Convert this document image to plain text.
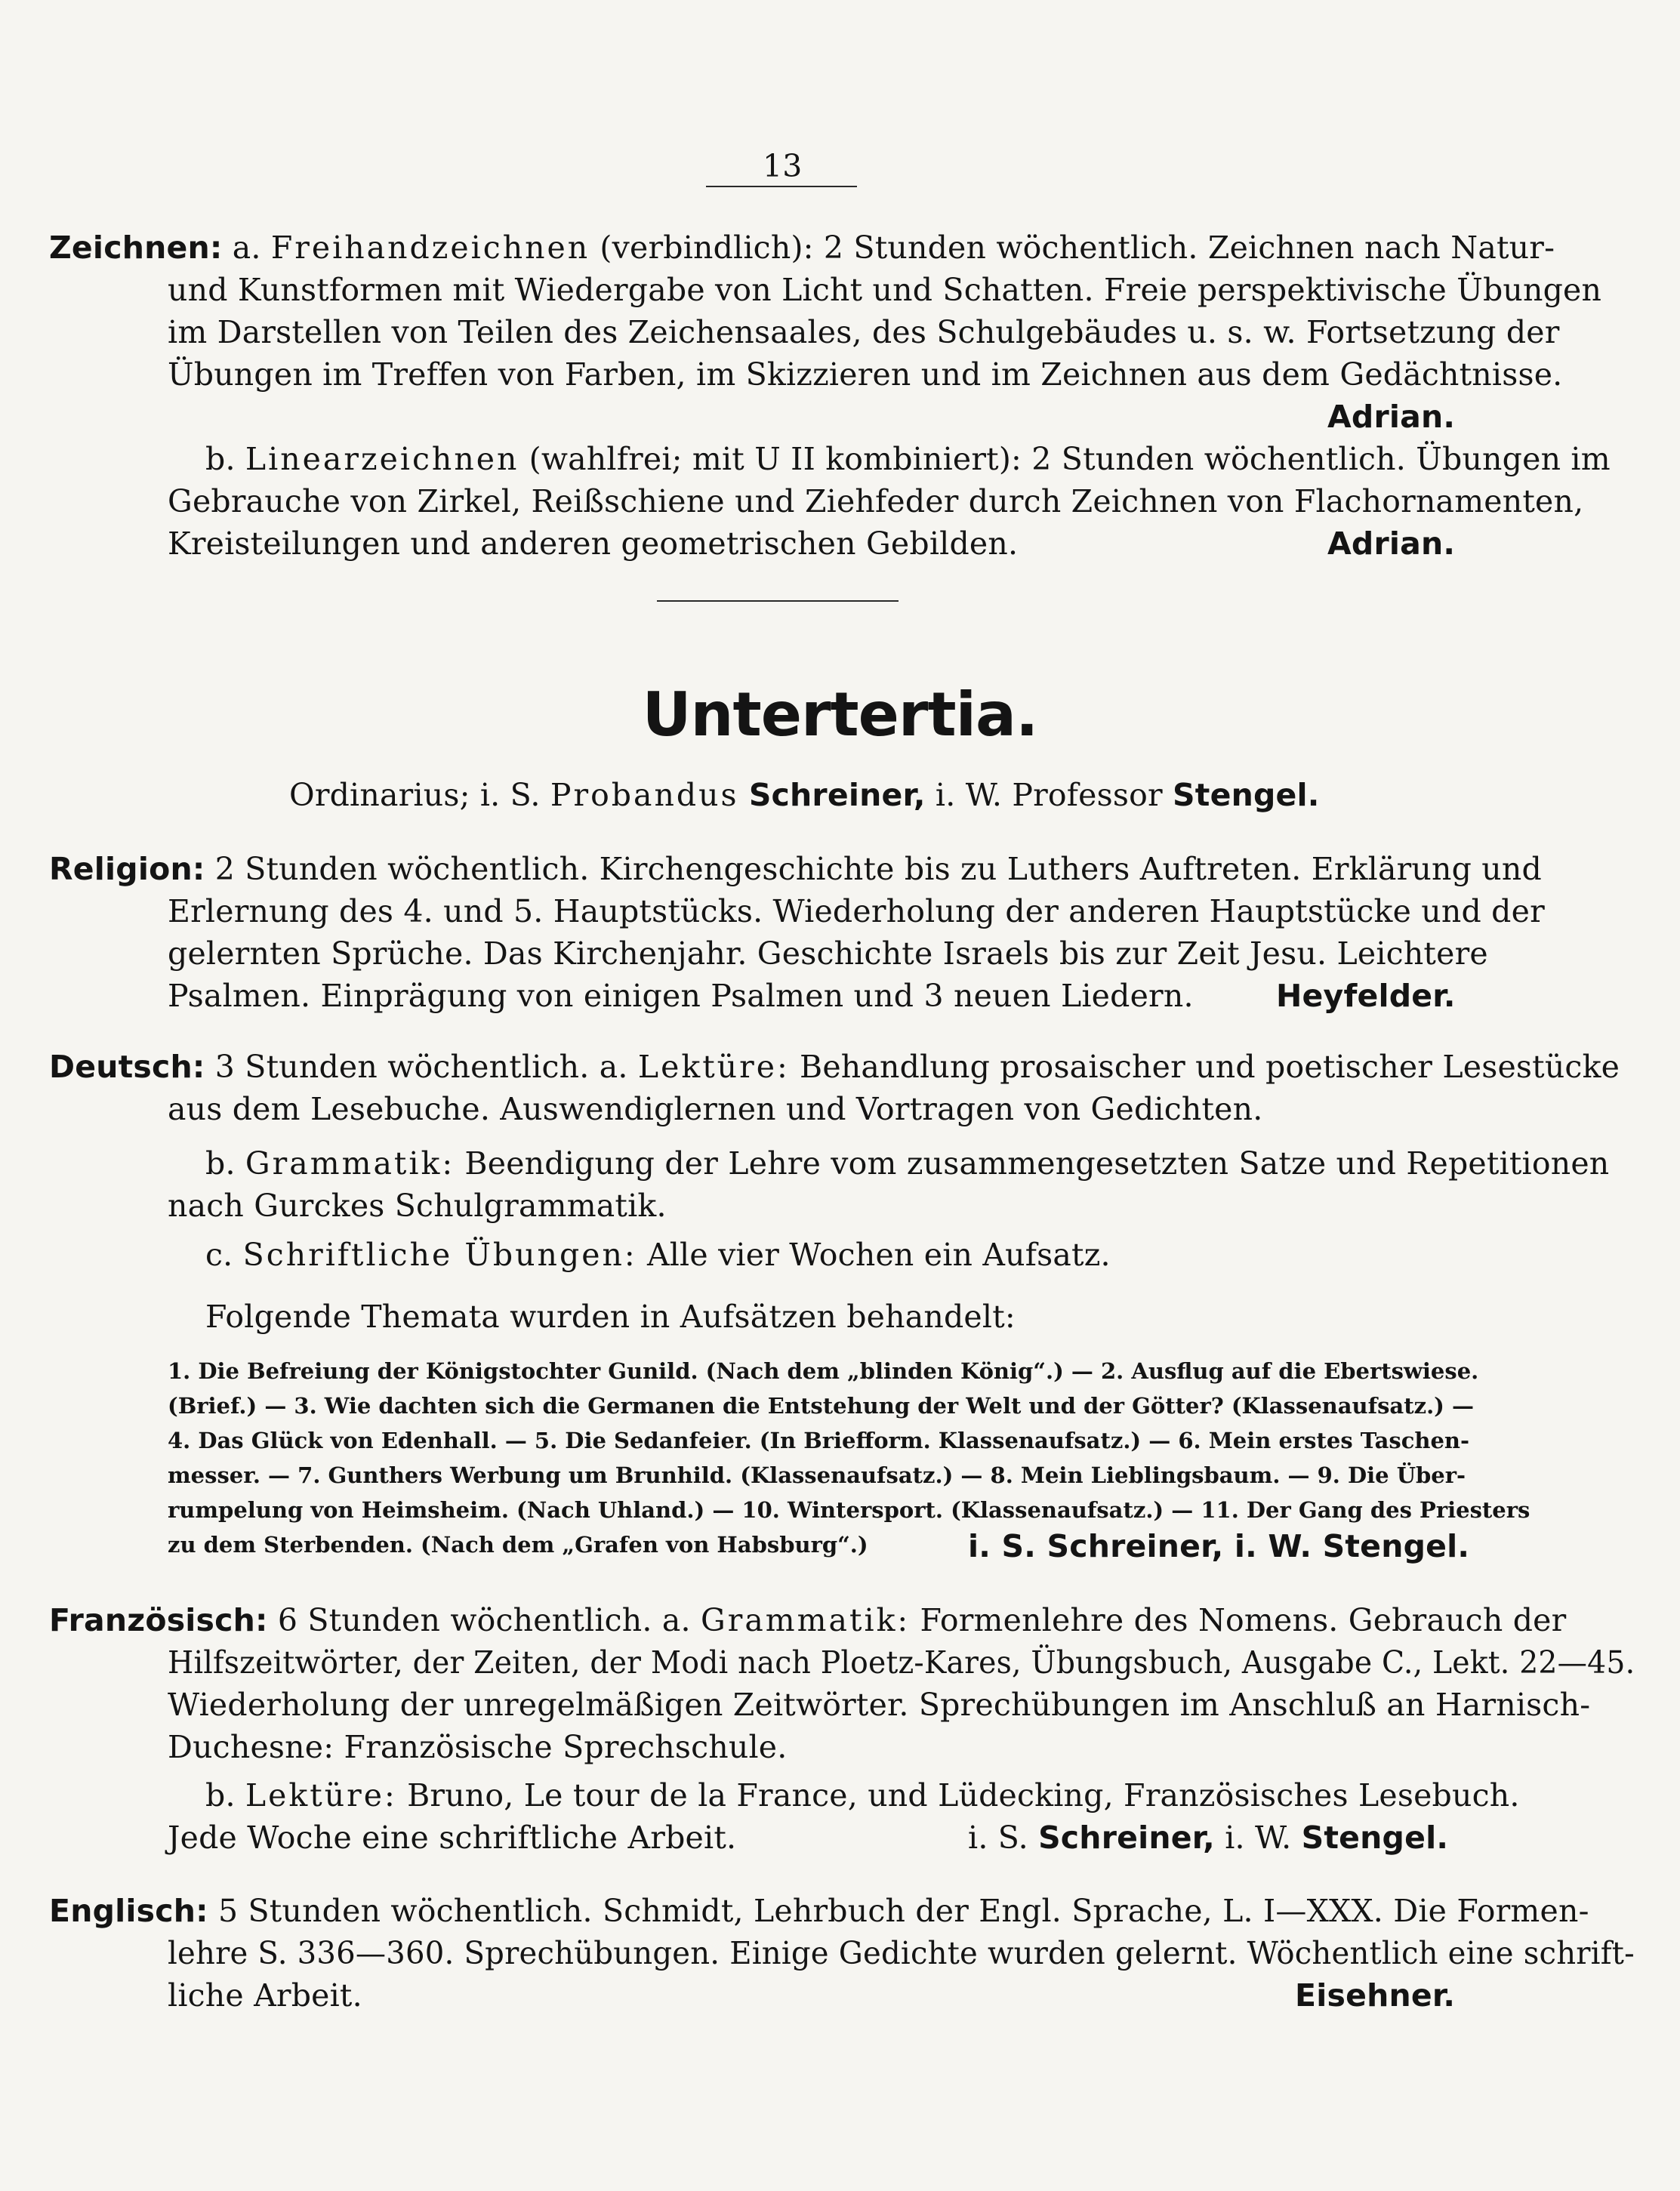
13
Zeichnen: a. Freihandzeichnen (verbindlich): 2 Stunden wöchentlich. Zeichnen nach Natur-
und Kunstformen mit Wiedergabe von Licht und Schatten. Freie perspektivische Übungen
im Darstellen von Teilen des Zeichensaales, des Schulgebäudes u. s. w. Fortsetzung der
Übungen im Treffen von Farben, im Skizzieren und im Zeichnen aus dem Gedächtnisse.
Adrian.
b. Linearzeichnen (wahlfrei; mit U II kombiniert): 2 Stunden wöchentlich. Übungen im
Gebrauche von Zirkel, Reißschiene und Ziehfeder durch Zeichnen von Flachornamenten,
Kreisteilungen und anderen geometrischen Gebilden.	Adrian.
Untertertia.
Ordinarius; i. S. Probandus Schreiner, i. W. Professor Stengel.
Religion: 2 Stunden wöchentlich. Kirchengeschichte bis zu Luthers Auftreten. Erklärung und
Erlernung des 4. und 5. Hauptstücks. Wiederholung der anderen Hauptstücke und der
gelernten Sprüche. Das Kirchenjahr. Geschichte Israels bis zur Zeit Jesu. Leichtere
Psalmen. Einprägung von einigen Psalmen und 3 neuen Liedern.	Heyfelder.
Deutsch: 3 Stunden wöchentlich. a. Lektüre: Behandlung prosaischer und poetischer Lesestücke
aus dem Lesebuche. Auswendiglernen und Vortragen von Gedichten.
b. Grammatik: Beendigung der Lehre vom zusammengesetzten Satze und Repetitionen
nach Gurckes Schulgrammatik.
c. Schriftliche Übungen: Alle vier Wochen ein Aufsatz.
Folgende Themata wurden in Aufsätzen behandelt:
1. Die Befreiung der Königstochter Gunild. (Nach dem „blinden König“.) — 2. Ausflug auf die Ebertswiese.
(Brief.) — 3. Wie dachten sich die Germanen die Entstehung der Welt und der Götter? (Klassenaufsatz.) —
4. Das Glück von Edenhall. — 5. Die Sedanfeier. (In Briefform. Klassenaufsatz.) — 6. Mein erstes Taschen-
messer. — 7. Gunthers Werbung um Brunhild. (Klassenaufsatz.) — 8. Mein Lieblingsbaum. — 9. Die Über-
rumpelung von Heimsheim. (Nach Uhland.) — 10. Wintersport. (Klassenaufsatz.) — 11. Der Gang des Priesters
zu dem Sterbenden. (Nach dem „Grafen von Habsburg“.)	i. S. Schreiner, i. W. Stengel.
Französisch: 6 Stunden wöchentlich. a. Grammatik: Formenlehre des Nomens. Gebrauch der
Hilfszeitwörter, der Zeiten, der Modi nach Ploetz-Kares, Übungsbuch, Ausgabe C., Lekt. 22—45.
Wiederholung der unregelmäßigen Zeitwörter. Sprechübungen im Anschluß an Harnisch-
Duchesne: Französische Sprechschule.
b. Lektüre: Bruno, Le tour de la France, und Lüdecking, Französisches Lesebuch.
Jede Woche eine schriftliche Arbeit.	i. S. Schreiner, i. W. Stengel.
Englisch: 5 Stunden wöchentlich. Schmidt, Lehrbuch der Engl. Sprache, L. I—XXX. Die Formen-
lehre S. 336—360. Sprechübungen. Einige Gedichte wurden gelernt. Wöchentlich eine schrift-
liche Arbeit.	Eisehner.
